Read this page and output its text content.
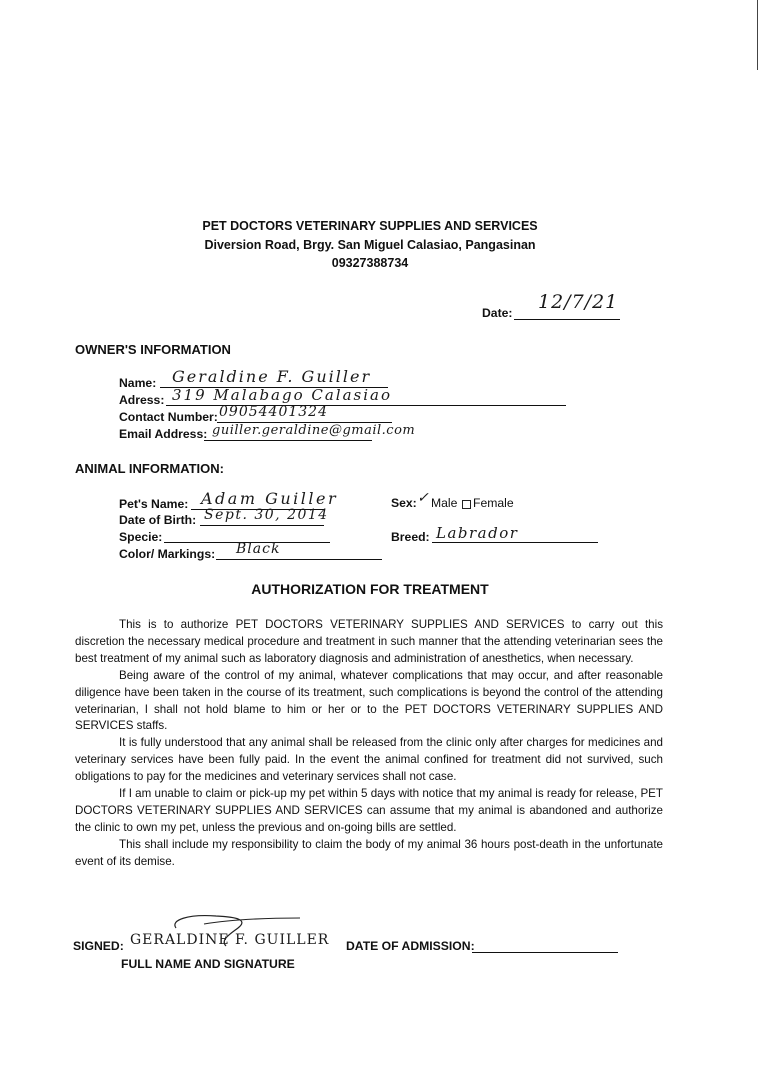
PET DOCTORS VETERINARY SUPPLIES AND SERVICES
Diversion Road, Brgy. San Miguel Calasiao, Pangasinan
09327388734
Date: 12/7/21
OWNER'S INFORMATION
Name: Geraldine F. Guiller
Adress: 319 Malabago Calasiao
Contact Number: 09054401324
Email Address: guiller.geraldine@gmail.com
ANIMAL INFORMATION:
Pet's Name: Adam Guiller
Date of Birth: Sept. 30, 2014
Specie:
Color/ Markings: Black
Sex: ✓ Male Female
Breed: Labrador
AUTHORIZATION FOR TREATMENT

This is to authorize PET DOCTORS VETERINARY SUPPLIES AND SERVICES to carry out this discretion the necessary medical procedure and treatment in such manner that the attending veterinarian sees the best treatment of my animal such as laboratory diagnosis and administration of anesthetics, when necessary.

Being aware of the control of my animal, whatever complications that may occur, and after reasonable diligence have been taken in the course of its treatment, such complications is beyond the control of the attending veterinarian, I shall not hold blame to him or her or to the PET DOCTORS VETERINARY SUPPLIES AND SERVICES staffs.

It is fully understood that any animal shall be released from the clinic only after charges for medicines and veterinary services have been fully paid. In the event the animal confined for treatment did not survived, such obligations to pay for the medicines and veterinary services shall not case.

If I am unable to claim or pick-up my pet within 5 days with notice that my animal is ready for release, PET DOCTORS VETERINARY SUPPLIES AND SERVICES can assume that my animal is abandoned and authorize the clinic to own my pet, unless the previous and on-going bills are settled.

This shall include my responsibility to claim the body of my animal 36 hours post-death in the unfortunate event of its demise.

SIGNED: GERALDINE F. GUILLER
FULL NAME AND SIGNATURE
DATE OF ADMISSION:
